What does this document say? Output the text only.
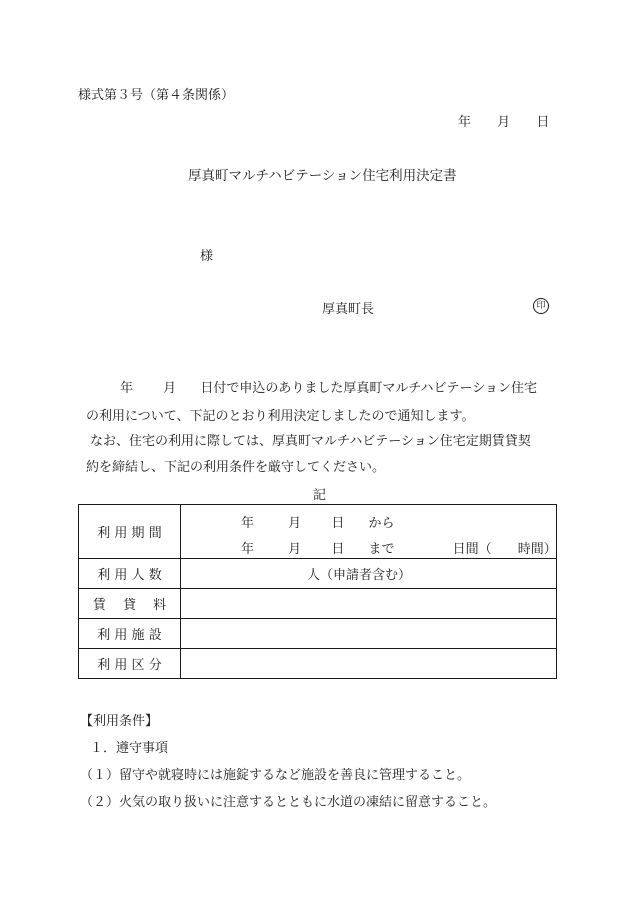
様式第３号（第４条関係）
年 月 日
厚真町マルチハビテーション住宅利用決定書
様
厚真町長	印
年 月 日付で申込のありました厚真町マルチハビテーション住宅
の利用について、下記のとおり利用決定しましたので通知します。
なお、住宅の利用に際しては、厚真町マルチハビテーション住宅定期賃貸契
約を締結し、下記の利用条件を厳守してください。
記
利 用 期 間	年 月 日 から
年 月 日 まで 日間（ 時間）

利 用 人 数	人（申請者含む）
賃 　貸 　料	
利 用 施 設	
利 用 区 分	
【利用条件】
１．遵守事項
（１）留守や就寝時には施錠するなど施設を善良に管理すること。
（２）火気の取り扱いに注意するとともに水道の凍結に留意すること。
